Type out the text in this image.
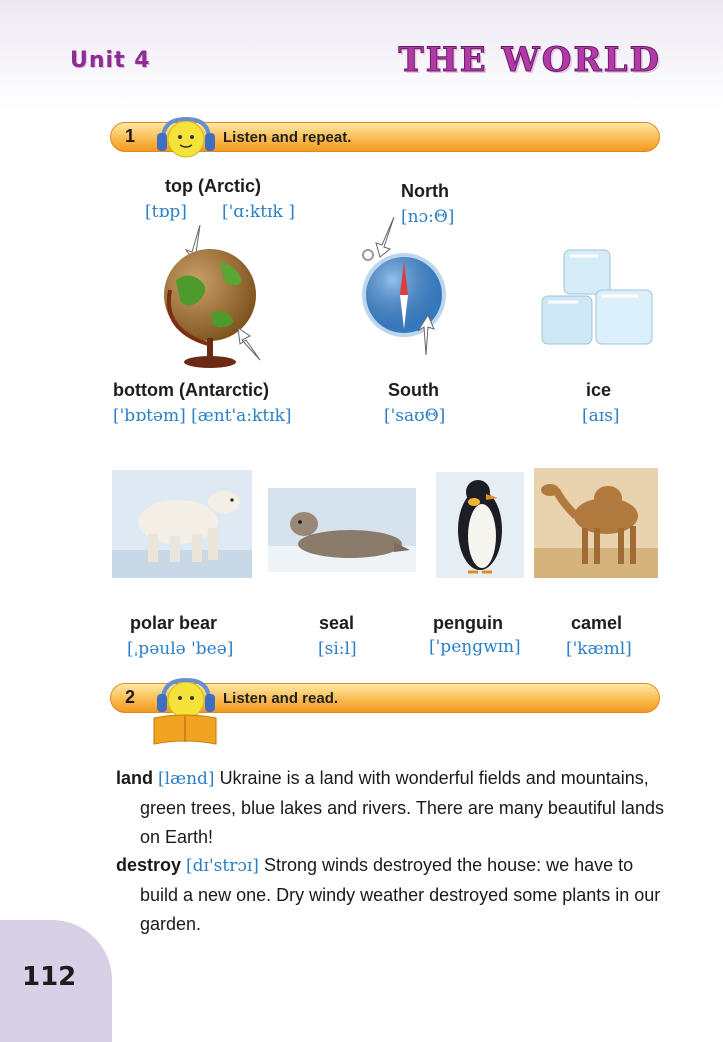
Unit 4	THE WORLD
1	Listen and repeat.
top (Arctic)
[tɒp] ['ɑ:ktɪk ]
North
[nɔ:Θ]
bottom (Antarctic)
['bɒtəm] [ænt'a:ktɪk]
South
['saʊΘ]
ice
[aɪs]
polar bear
[ˌpəulə 'beə]
seal
[si:l]
penguin
['peŋgwɪn]
camel
['kæml]
2	Listen and read.
land [lænd] Ukraine is a land with wonderful fields and mountains, green trees, blue lakes and rivers. There are many beautiful lands on Earth!
destroy [dɪ'strɔɪ] Strong winds destroyed the house: we have to build a new one. Dry windy weather destroyed some plants in our garden.
112
